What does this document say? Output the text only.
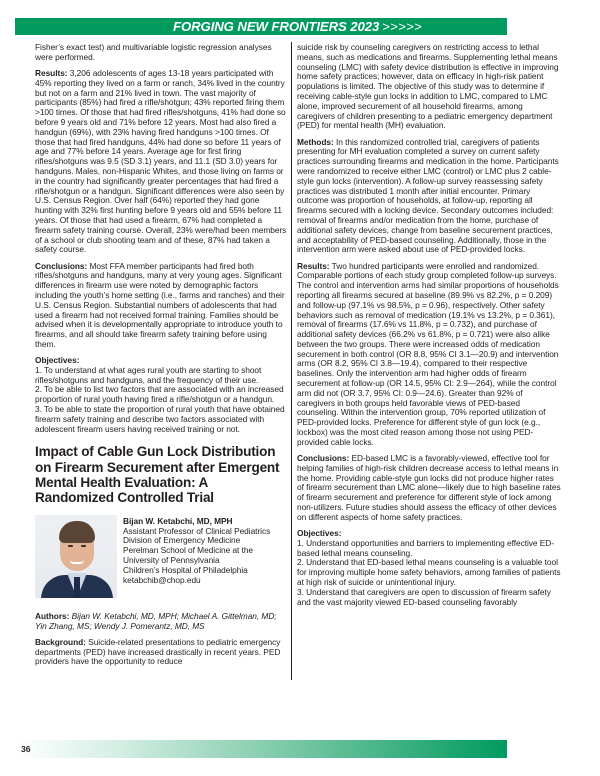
FORGING NEW FRONTIERS 2023 >>>>>

Fisher’s exact test) and multivariable logistic regression analyses were performed.

Results: 3,206 adolescents of ages 13-18 years participated with 45% reporting they lived on a farm or ranch, 34% lived in the country but not on a farm and 21% lived in town. The vast majority of participants (85%) had fired a rifle/shotgun; 43% reported firing them >100 times. Of those that had fired rifles/shotguns, 41% had done so before 9 years old and 71% before 12 years. Most had also fired a handgun (69%), with 23% having fired handguns >100 times. Of those that had fired handguns, 44% had done so before 11 years of age and 77% before 14 years. Average age for first firing rifles/shotguns was 9.5 (SD 3.1) years, and 11.1 (SD 3.0) years for handguns. Males, non-Hispanic Whites, and those living on farms or in the country had significantly greater percentages that had fired a rifle/shotgun or a handgun. Significant differences were also seen by U.S. Census Region. Over half (64%) reported they had gone hunting with 32% first hunting before 9 years old and 55% before 11 years. Of those that had used a firearm, 67% had completed a firearm safety training course. Overall, 23% were/had been members of a school or club shooting team and of these, 87% had taken a safety course.

Conclusions: Most FFA member participants had fired both rifles/shotguns and handguns, many at very young ages. Significant differences in firearm use were noted by demographic factors including the youth’s home setting (i.e., farms and ranches) and their U.S. Census Region. Substantial numbers of adolescents that had used a firearm had not received formal training. Families should be advised when it is developmentally appropriate to introduce youth to firearms, and all should take firearm safety training before using them.

Objectives:
1. To understand at what ages rural youth are starting to shoot rifles/shotguns and handguns, and the frequency of their use.
2. To be able to list two factors that are associated with an increased proportion of rural youth having fired a rifle/shotgun or a handgun.
3. To be able to state the proportion of rural youth that have obtained firearm safety training and describe two factors associated with adolescent firearm users having received training or not.
Impact of Cable Gun Lock Distribution on Firearm Securement after Emergent Mental Health Evaluation: A Randomized Controlled Trial
Bijan W. Ketabchi, MD, MPH
Assistant Professor of Clinical Pediatrics
Division of Emergency Medicine
Perelman School of Medicine at the University of Pennsylvania
Children’s Hospital of Philadelphia
ketabchib@chop.edu

Authors: Bijan W. Ketabchi, MD, MPH; Michael A. Gittelman, MD; Yin Zhang, MS; Wendy J. Pomerantz, MD, MS

Background: Suicide-related presentations to pediatric emergency departments (PED) have increased drastically in recent years. PED providers have the opportunity to reduce

suicide risk by counseling caregivers on restricting access to lethal means, such as medications and firearms. Supplementing lethal means counseling (LMC) with safety device distribution is effective in improving home safety practices; however, data on efficacy in high-risk patient populations is limited. The objective of this study was to determine if receiving cable-style gun locks in addition to LMC, compared to LMC alone, improved securement of all household firearms, among caregivers of children presenting to a pediatric emergency department (PED) for mental health (MH) evaluation.

Methods: In this randomized controlled trial, caregivers of patients presenting for MH evaluation completed a survey on current safety practices surrounding firearms and medication in the home. Participants were randomized to receive either LMC (control) or LMC plus 2 cable-style gun locks (intervention). A follow-up survey reassessing safety practices was distributed 1 month after initial encounter. Primary outcome was proportion of households, at follow-up, reporting all firearms secured with a locking device. Secondary outcomes included: removal of firearms and/or medication from the home, purchase of additional safety devices, change from baseline securement practices, and acceptability of PED-based counseling. Additionally, those in the intervention arm were asked about use of PED-provided locks.

Results: Two hundred participants were enrolled and randomized. Comparable portions of each study group completed follow-up surveys. The control and intervention arms had similar proportions of households reporting all firearms secured at baseline (89.9% vs 82.2%, p = 0.209) and follow-up (97.1% vs 98.5%, p = 0.96), respectively. Other safety behaviors such as removal of medication (19.1% vs 13.2%, p = 0.361), removal of firearms (17.6% vs 11.8%, p = 0.732), and purchase of additional safety devices (66.2% vs 61.8%, p = 0.721) were also alike between the two groups. There were increased odds of medication securement in both control (OR 8.8, 95% CI 3.1—20.9) and intervention arms (OR 8.2, 95% CI 3.8—19.4), compared to their respective baselines. Only the intervention arm had higher odds of firearm securement at follow-up (OR 14.5, 95% CI: 2.9—264), while the control arm did not (OR 3.7, 95% CI: 0.9—24.6). Greater than 92% of caregivers in both groups held favorable views of PED-based counseling. Within the intervention group, 70% reported utilization of PED-provided locks. Preference for different style of gun lock (e.g., lockbox) was the most cited reason among those not using PED-provided cable locks.

Conclusions: ED-based LMC is a favorably-viewed, effective tool for helping families of high-risk children decrease access to lethal means in the home. Providing cable-style gun locks did not produce higher rates of firearm securement than LMC alone—likely due to high baseline rates of firearm securement and preference for different style of lock among non-utilizers. Future studies should assess the efficacy of other devices on different aspects of home safety practices.

Objectives:
1. Understand opportunities and barriers to implementing effective ED-based lethal means counseling.
2. Understand that ED-based lethal means counseling is a valuable tool for improving multiple home safety behaviors, among families of patients at high risk of suicide or unintentional injury.
3. Understand that caregivers are open to discussion of firearm safety and the vast majority viewed ED-based counseling favorably
36
